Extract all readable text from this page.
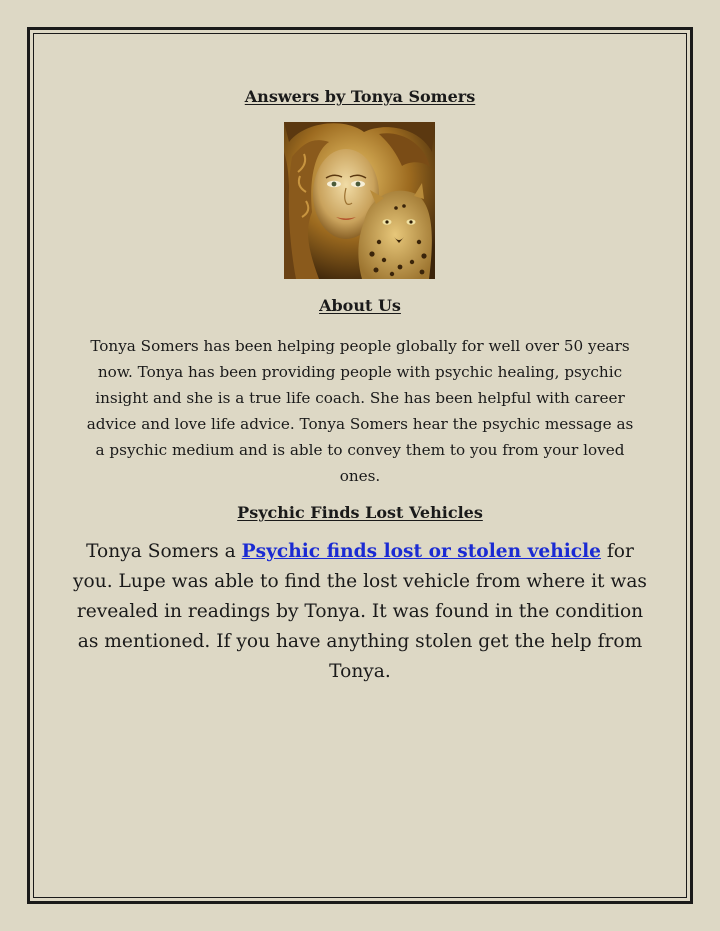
Answers by Tonya Somers
About Us

Tonya Somers has been helping people globally for well over 50 years now. Tonya has been providing people with psychic healing, psychic insight and she is a true life coach. She has been helpful with career advice and love life advice. Tonya Somers hear the psychic message as a psychic medium and is able to convey them to you from your loved ones.

Psychic Finds Lost Vehicles

Tonya Somers a Psychic finds lost or stolen vehicle for you. Lupe was able to find the lost vehicle from where it was revealed in readings by Tonya. It was found in the condition as mentioned. If you have anything stolen get the help from Tonya.
